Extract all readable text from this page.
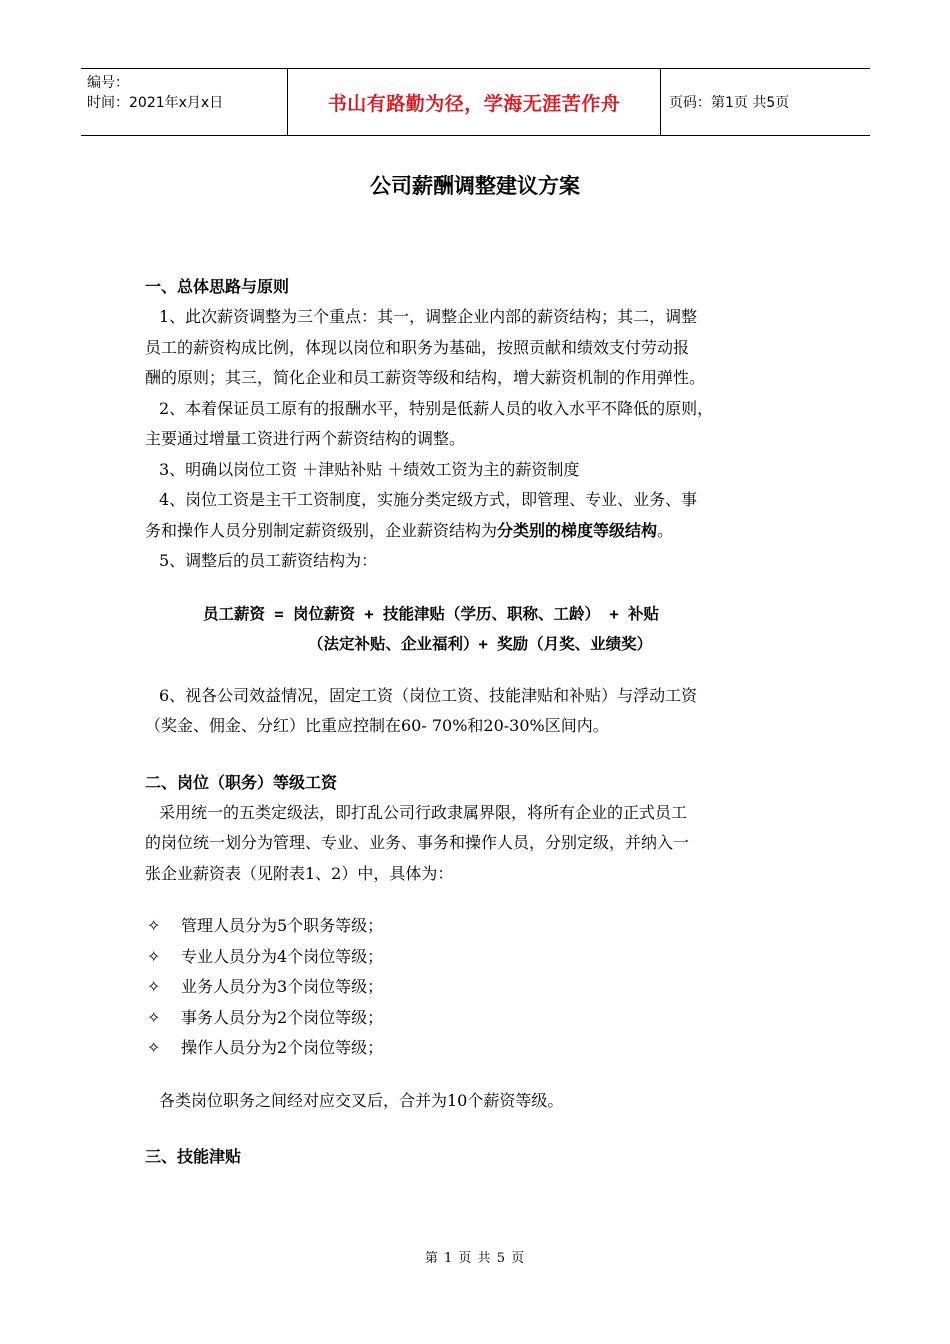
编号：
时间：2021年x月x日	书山有路勤为径，学海无涯苦作舟	页码：第1页 共5页
公司薪酬调整建议方案

一、总体思路与原则

1、此次薪资调整为三个重点：其一，调整企业内部的薪资结构；其二，调整

员工的薪资构成比例，体现以岗位和职务为基础，按照贡献和绩效支付劳动报

酬的原则；其三，简化企业和员工薪资等级和结构，增大薪资机制的作用弹性。

2、本着保证员工原有的报酬水平，特别是低薪人员的收入水平不降低的原则，

主要通过增量工资进行两个薪资结构的调整。

3、明确以岗位工资 ＋津贴补贴 ＋绩效工资为主的薪资制度

4、岗位工资是主干工资制度，实施分类定级方式，即管理、专业、业务、事

务和操作人员分别制定薪资级别，企业薪资结构为分类别的梯度等级结构。

5、调整后的员工薪资结构为：

员工薪资 = 岗位薪资 + 技能津贴（学历、职称、工龄） + 补贴
（法定补贴、企业福利）+ 奖励（月奖、业绩奖）

6、视各公司效益情况，固定工资（岗位工资、技能津贴和补贴）与浮动工资

（奖金、佣金、分红）比重应控制在60- 70%和20-30%区间内。

二、岗位（职务）等级工资

采用统一的五类定级法，即打乱公司行政隶属界限，将所有企业的正式员工

的岗位统一划分为管理、专业、业务、事务和操作人员，分别定级，并纳入一

张企业薪资表（见附表1、2）中，具体为：

✧	管理人员分为5个职务等级；

✧	专业人员分为4个岗位等级；

✧	业务人员分为3个岗位等级；

✧	事务人员分为2个岗位等级；

✧	操作人员分为2个岗位等级；

各类岗位职务之间经对应交叉后，合并为10个薪资等级。

三、技能津贴

第 1 页 共 5 页
